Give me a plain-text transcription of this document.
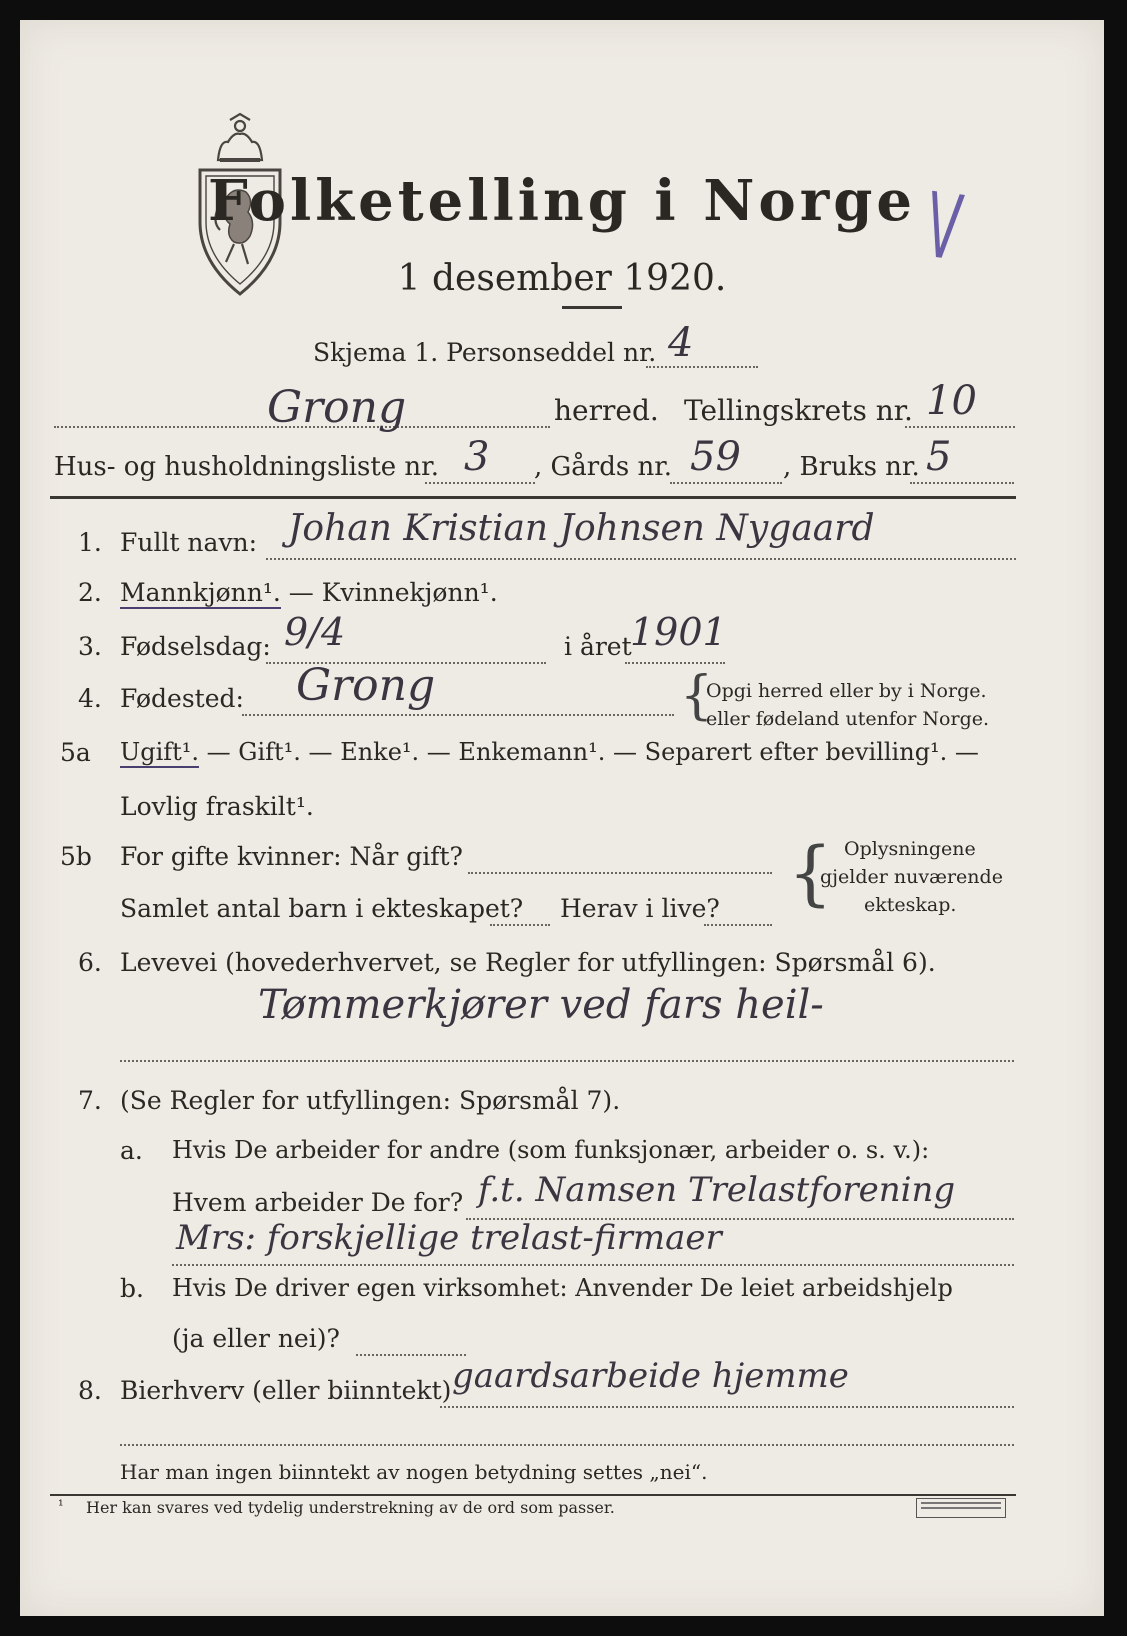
Folketelling i Norge
1 desember 1920.	V
Skjema 1. Personseddel nr. 4
Grong	herred. Tellingskrets nr. 10
Hus- og husholdningsliste nr. 3 , Gårds nr. 59 , Bruks nr. 5
1. Fullt navn: Johan Kristian Johnsen Nygaard
2. Mannkjønn¹. — Kvinnekjønn¹.
3. Fødselsdag: 9/4	i året
1901
4. Fødested: Grong	{
Opgi herred eller by i Norge.
eller fødeland utenfor Norge.
5a Ugift¹. — Gift¹. — Enke¹. — Enkemann¹. — Separert efter bevilling¹. —
Lovlig fraskilt¹.
5b For gifte kvinner: Når gift?
Samlet antal barn i ekteskapet? Herav i live? { Oplysningene
gjelder nuværende
ekteskap.
6. Levevei (hovederhvervet, se Regler for utfyllingen: Spørsmål 6).
Tømmerkjører ved fars heil-
7. (Se Regler for utfyllingen: Spørsmål 7).
a. Hvis De arbeider for andre (som funksjonær, arbeider o. s. v.):
Hvem arbeider De for? f.t. Namsen Trelastforening
Mrs: forskjellige trelast-firmaer
b. Hvis De driver egen virksomhet: Anvender De leiet arbeidshjelp
(ja eller nei)?
8. Bierhverv (eller biinntekt) gaardsarbeide hjemme
Har man ingen biinntekt av nogen betydning settes „nei“.
¹ Her kan svares ved tydelig understrekning av de ord som passer.
